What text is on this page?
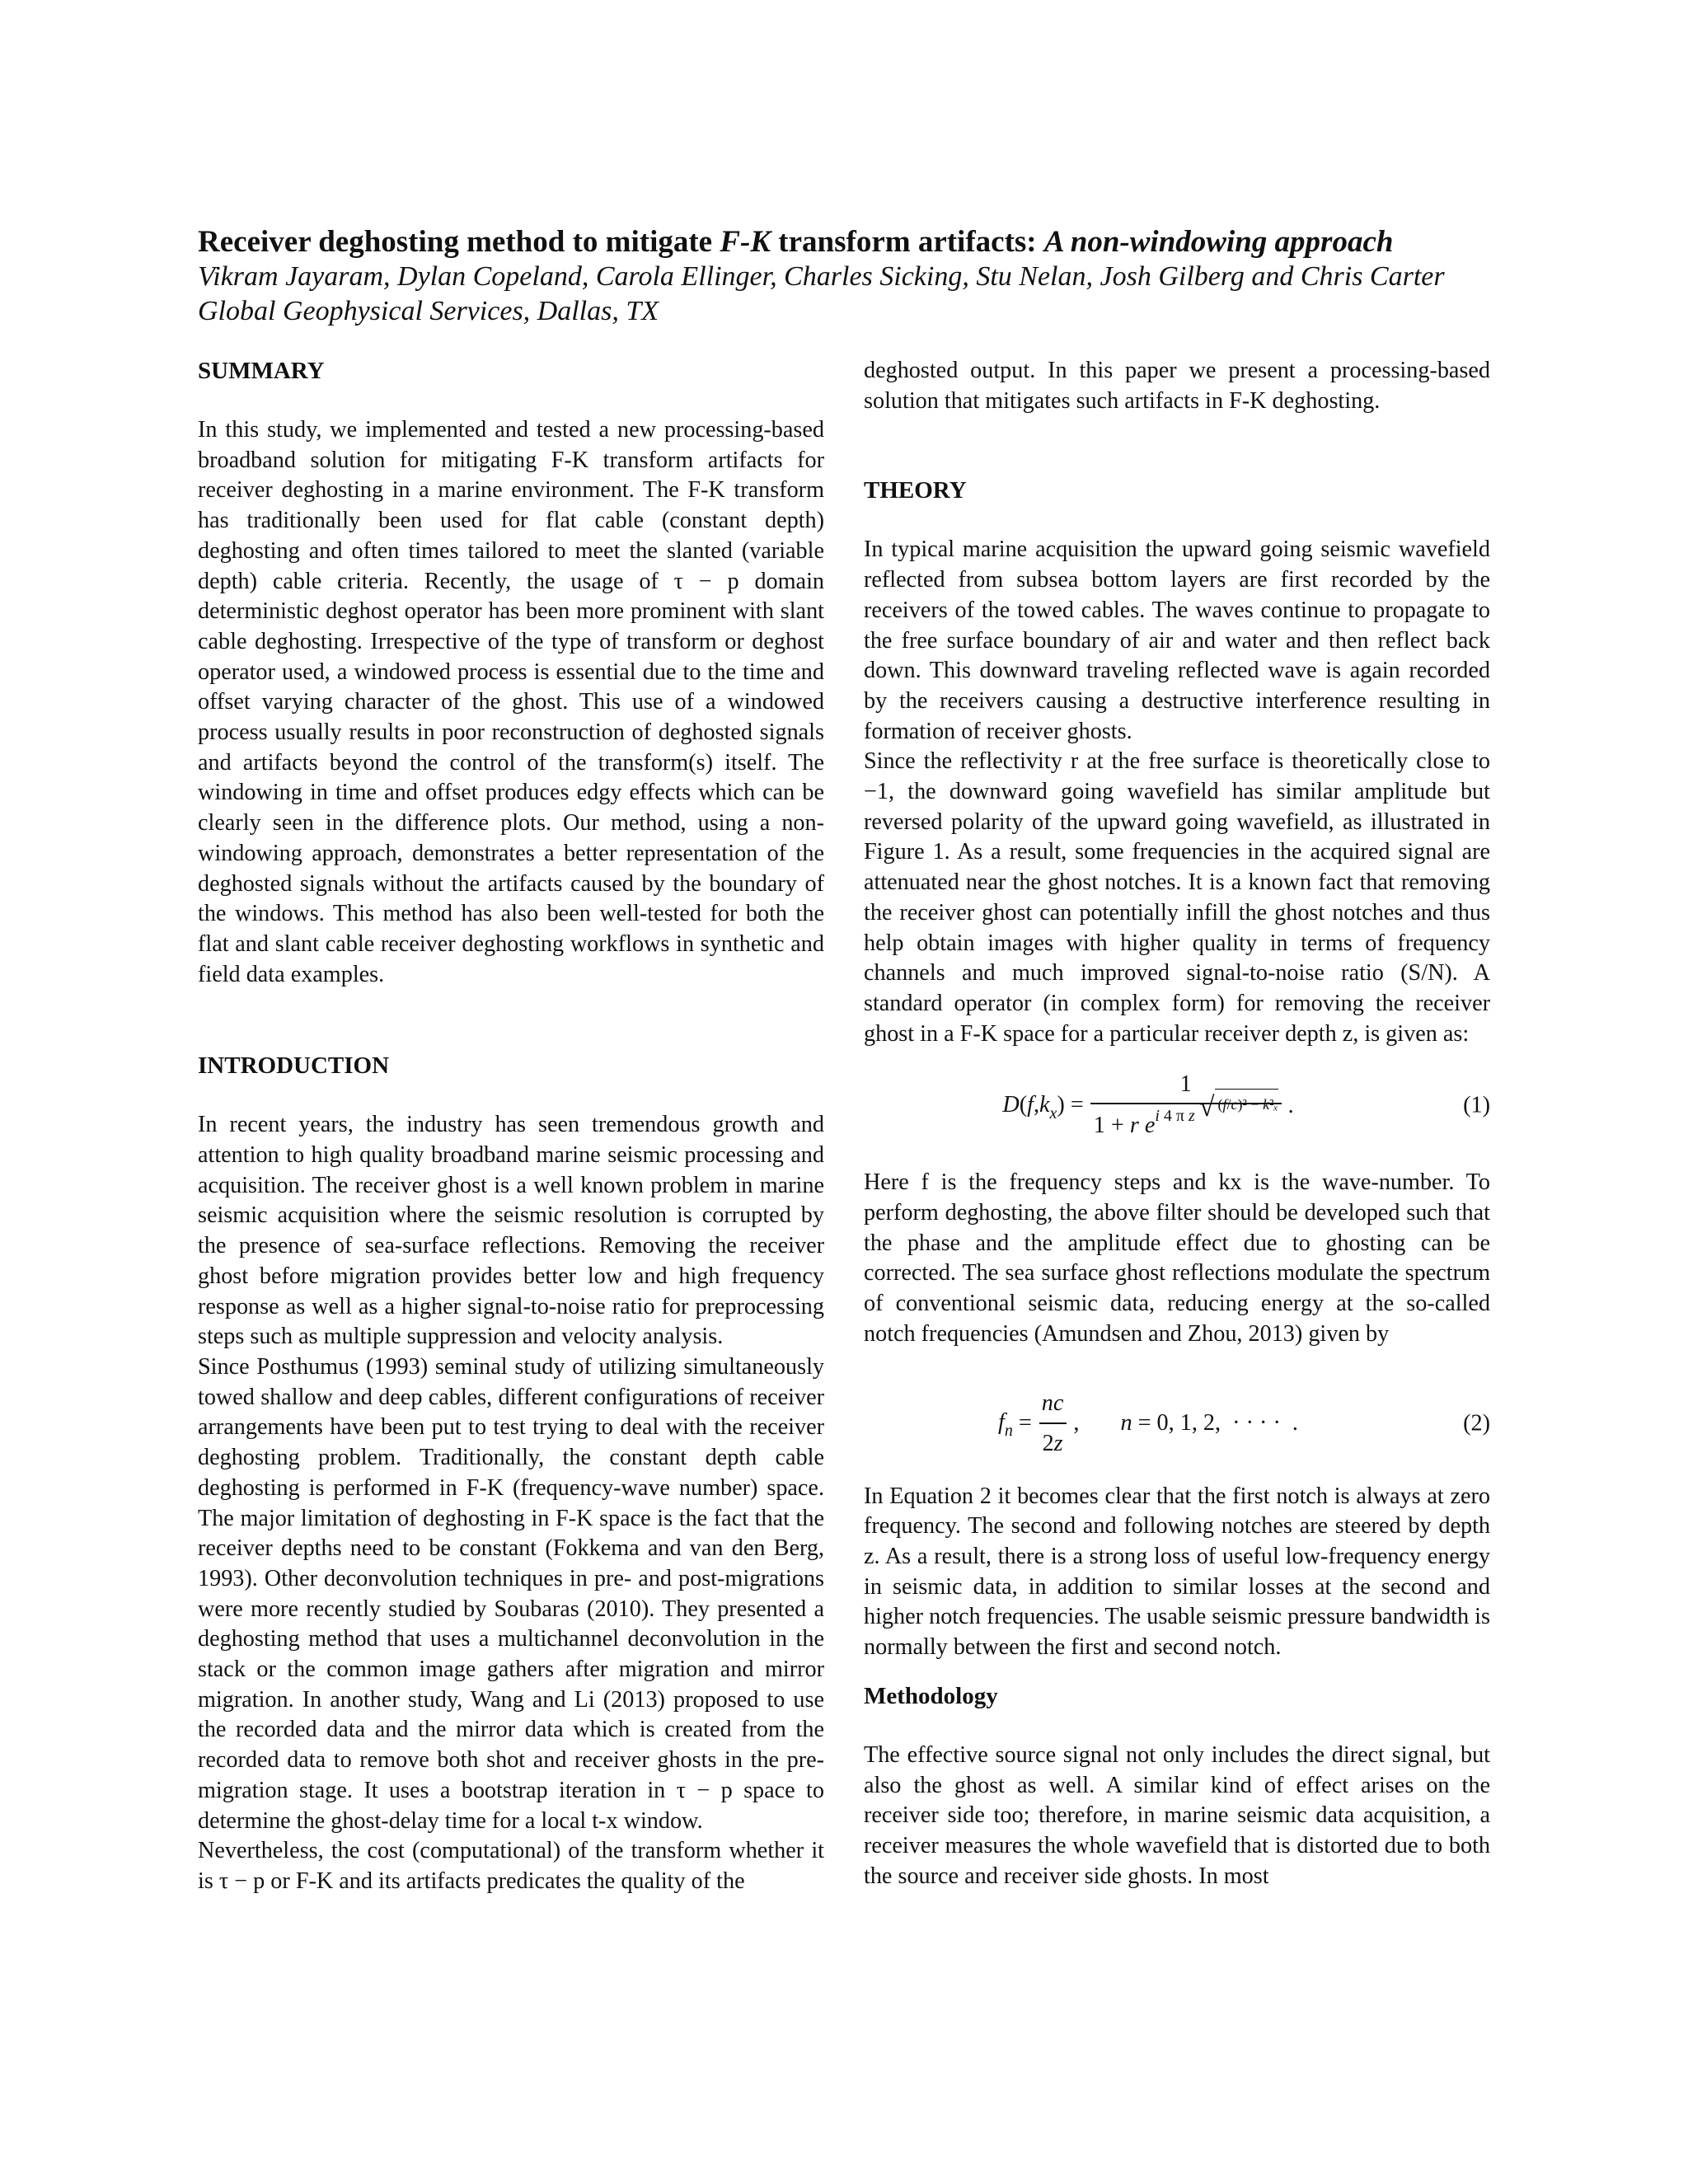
Receiver deghosting method to mitigate F-K transform artifacts: A non-windowing approach
Vikram Jayaram, Dylan Copeland, Carola Ellinger, Charles Sicking, Stu Nelan, Josh Gilberg and Chris Carter
Global Geophysical Services, Dallas, TX
SUMMARY

In this study, we implemented and tested a new processing-based broadband solution for mitigating F-K transform artifacts for receiver deghosting in a marine environment. The F-K transform has traditionally been used for flat cable (constant depth) deghosting and often times tailored to meet the slanted (variable depth) cable criteria. Recently, the usage of τ − p domain deterministic deghost operator has been more prominent with slant cable deghosting. Irrespective of the type of transform or deghost operator used, a windowed process is essential due to the time and offset varying character of the ghost. This use of a windowed process usually results in poor reconstruction of deghosted signals and artifacts beyond the control of the transform(s) itself. The windowing in time and offset produces edgy effects which can be clearly seen in the difference plots. Our method, using a non-windowing approach, demonstrates a better representation of the deghosted signals without the artifacts caused by the boundary of the windows. This method has also been well-tested for both the flat and slant cable receiver deghosting workflows in synthetic and field data examples.

INTRODUCTION

In recent years, the industry has seen tremendous growth and attention to high quality broadband marine seismic processing and acquisition. The receiver ghost is a well known problem in marine seismic acquisition where the seismic resolution is corrupted by the presence of sea-surface reflections. Removing the receiver ghost before migration provides better low and high frequency response as well as a higher signal-to-noise ratio for preprocessing steps such as multiple suppression and velocity analysis.

Since Posthumus (1993) seminal study of utilizing simultaneously towed shallow and deep cables, different configurations of receiver arrangements have been put to test trying to deal with the receiver deghosting problem. Traditionally, the constant depth cable deghosting is performed in F-K (frequency-wave number) space. The major limitation of deghosting in F-K space is the fact that the receiver depths need to be constant (Fokkema and van den Berg, 1993). Other deconvolution techniques in pre- and post-migrations were more recently studied by Soubaras (2010). They presented a deghosting method that uses a multichannel deconvolution in the stack or the common image gathers after migration and mirror migration. In another study, Wang and Li (2013) proposed to use the recorded data and the mirror data which is created from the recorded data to remove both shot and receiver ghosts in the pre-migration stage. It uses a bootstrap iteration in τ − p space to determine the ghost-delay time for a local t-x window.

Nevertheless, the cost (computational) of the transform whether it is τ − p or F-K and its artifacts predicates the quality of the

deghosted output. In this paper we present a processing-based solution that mitigates such artifacts in F-K deghosting.

THEORY

In typical marine acquisition the upward going seismic wavefield reflected from subsea bottom layers are first recorded by the receivers of the towed cables. The waves continue to propagate to the free surface boundary of air and water and then reflect back down. This downward traveling reflected wave is again recorded by the receivers causing a destructive interference resulting in formation of receiver ghosts.

Since the reflectivity r at the free surface is theoretically close to −1, the downward going wavefield has similar amplitude but reversed polarity of the upward going wavefield, as illustrated in Figure 1. As a result, some frequencies in the acquired signal are attenuated near the ghost notches. It is a known fact that removing the receiver ghost can potentially infill the ghost notches and thus help obtain images with higher quality in terms of frequency channels and much improved signal-to-noise ratio (S/N). A standard operator (in complex form) for removing the receiver ghost in a F-K space for a particular receiver depth z, is given as:

$D(f,k_x) = \frac{1}{1 + r e^{i 4 \pi z √ (f/c)^2 - k^2_x}}$ .	(1)

Here f is the frequency steps and kx is the wave-number. To perform deghosting, the above filter should be developed such that the phase and the amplitude effect due to ghosting can be corrected. The sea surface ghost reflections modulate the spectrum of conventional seismic data, reducing energy at the so-called notch frequencies (Amundsen and Zhou, 2013) given by

$f_n = \frac{nc}{2z}$ , n = 0, 1, 2,  · · · ·  .	(2)

In Equation 2 it becomes clear that the first notch is always at zero frequency. The second and following notches are steered by depth z. As a result, there is a strong loss of useful low-frequency energy in seismic data, in addition to similar losses at the second and higher notch frequencies. The usable seismic pressure bandwidth is normally between the first and second notch.

Methodology

The effective source signal not only includes the direct signal, but also the ghost as well. A similar kind of effect arises on the receiver side too; therefore, in marine seismic data acquisition, a receiver measures the whole wavefield that is distorted due to both the source and receiver side ghosts. In most
